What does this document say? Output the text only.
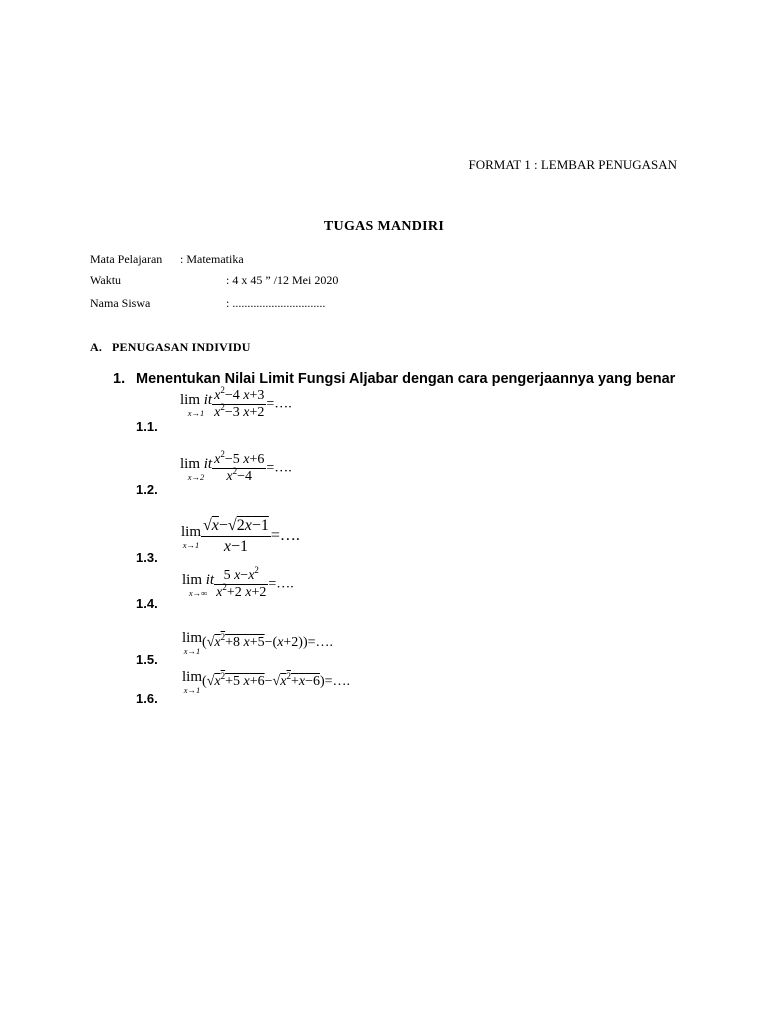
FORMAT 1 : LEMBAR PENUGASAN
TUGAS MANDIRI
Mata Pelajaran : Matematika
Waktu	: 4 x 45 ” /12 Mei 2020
Nama Siswa	: ...............................
A. PENUGASAN INDIVIDU
1. Menentukan Nilai Limit Fungsi Aljabar dengan cara pengerjaannya yang benar
1.1.
1.2.
1.3.
1.4.
1.5.
1.6.
lim it
$x\to 1 \frac{x^2-4 x+3}{x^2-3 x+2}$ =….
lim it
$x\to 2 \frac{x^2-5 x+6}{x^2-4}$ =….
lim
$x\to 1 \frac{√x-√2x-1}{x-1}$ =….
lim it
$x\to\infty \frac{5 x-x^2}{x^2+2 x+2}$ =….
lim
x→1
($√x^2+8$ x+5−(x+2))=….
lim
x→1
($√x^2+5$ $x+6-√x^2+x-6)=\dots$.
